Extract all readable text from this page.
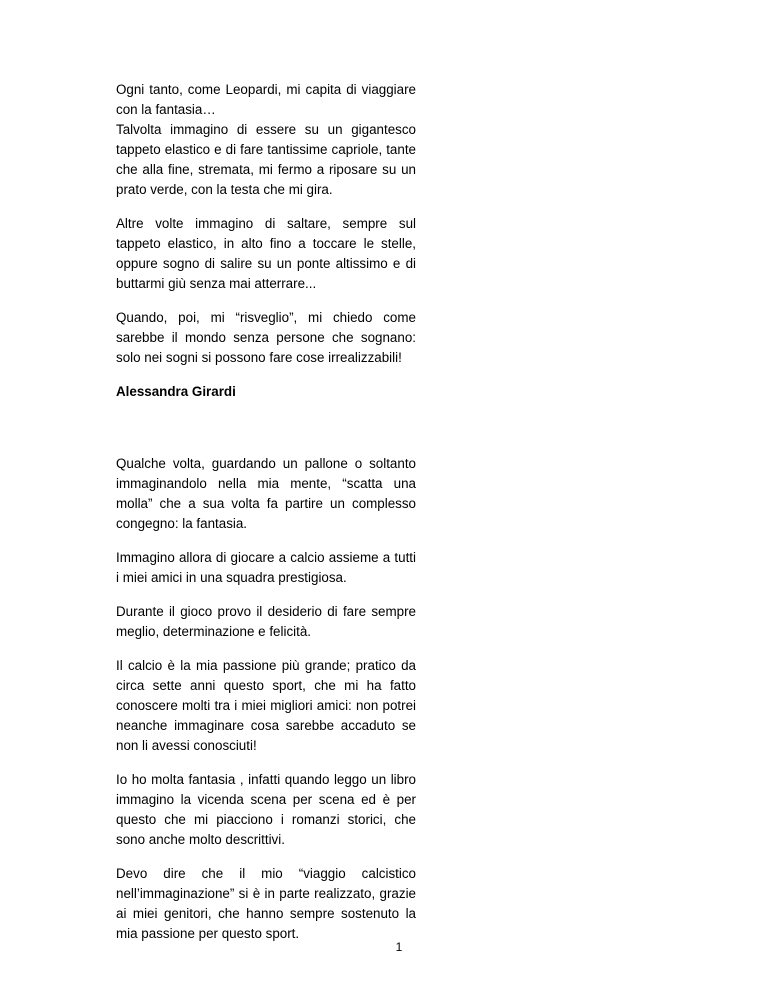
Ogni tanto, come Leopardi, mi capita di viaggiare con la fantasia…
Talvolta immagino di essere su un gigantesco tappeto elastico e di fare tantissime capriole, tante che alla fine, stremata, mi fermo a riposare su un prato verde, con la testa che mi gira.

Altre volte immagino di saltare, sempre sul tappeto elastico, in alto fino a toccare le stelle, oppure sogno di salire su un ponte altissimo e di buttarmi giù senza mai atterrare...

Quando, poi, mi “risveglio”, mi chiedo come sarebbe il mondo senza persone che sognano: solo nei sogni si possono fare cose irrealizzabili!

Alessandra Girardi

Qualche volta, guardando un pallone o soltanto immaginandolo nella mia mente, “scatta una molla” che a sua volta fa partire un complesso congegno: la fantasia.

Immagino allora di giocare a calcio assieme a tutti i miei amici in una squadra prestigiosa.

Durante il gioco provo il desiderio di fare sempre meglio, determinazione e felicità.

Il calcio è la mia passione più grande; pratico da circa sette anni questo sport, che mi ha fatto conoscere molti tra i miei migliori amici: non potrei neanche immaginare cosa sarebbe accaduto se non li avessi conosciuti!

Io ho molta fantasia , infatti quando leggo un libro immagino la vicenda scena per scena ed è per questo che mi piacciono i romanzi storici, che sono anche molto descrittivi.

Devo dire che il mio “viaggio calcistico nell’immaginazione” si è in parte realizzato, grazie ai miei genitori, che hanno sempre sostenuto la mia passione per questo sport.

1
